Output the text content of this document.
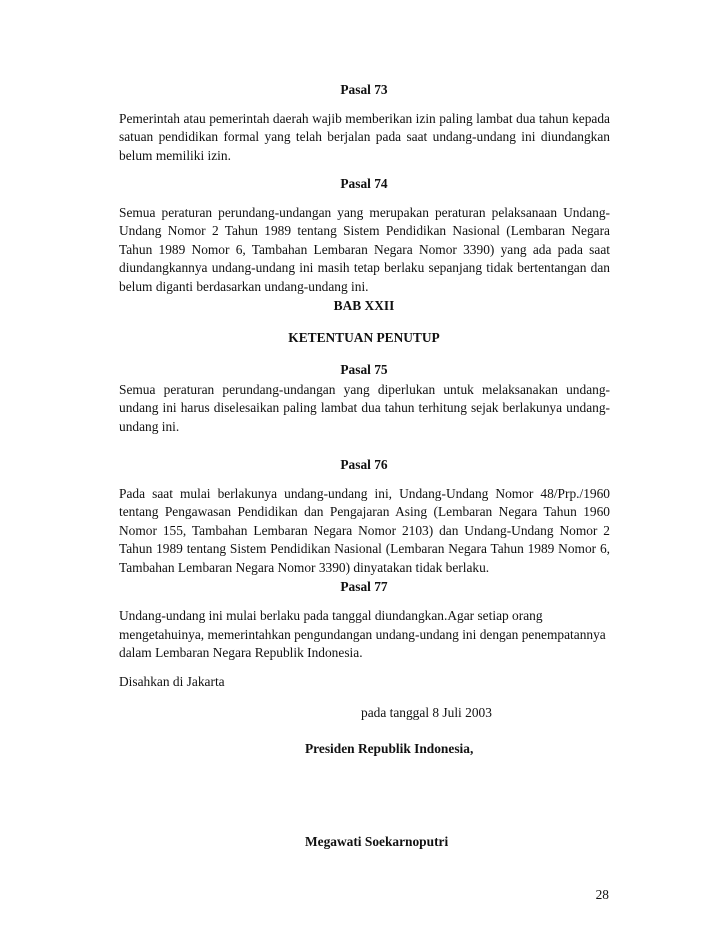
Pasal 73
Pemerintah atau pemerintah daerah wajib memberikan izin paling lambat dua tahun kepada satuan pendidikan formal yang telah berjalan pada saat undang-undang ini diundangkan belum memiliki izin.
Pasal 74
Semua peraturan perundang-undangan yang merupakan peraturan pelaksanaan Undang-Undang Nomor 2 Tahun 1989 tentang Sistem Pendidikan Nasional (Lembaran Negara Tahun 1989 Nomor 6, Tambahan Lembaran Negara Nomor 3390) yang ada pada saat diundangkannya undang-undang ini masih tetap berlaku sepanjang tidak bertentangan dan belum diganti berdasarkan undang-undang ini.
BAB XXII
KETENTUAN PENUTUP
Pasal 75
Semua peraturan perundang-undangan yang diperlukan untuk melaksanakan undang-undang ini harus diselesaikan paling lambat dua tahun terhitung sejak berlakunya undang-undang ini.
Pasal 76
Pada saat mulai berlakunya undang-undang ini, Undang-Undang Nomor 48/Prp./1960 tentang Pengawasan Pendidikan dan Pengajaran Asing (Lembaran Negara Tahun 1960 Nomor 155, Tambahan Lembaran Negara Nomor 2103) dan Undang-Undang Nomor 2 Tahun 1989 tentang Sistem Pendidikan Nasional (Lembaran Negara Tahun 1989 Nomor 6, Tambahan Lembaran Negara Nomor 3390) dinyatakan tidak berlaku.
Pasal 77
Undang-undang ini mulai berlaku pada tanggal diundangkan.Agar setiap orang
mengetahuinya, memerintahkan pengundangan undang-undang ini dengan penempatannya
dalam Lembaran Negara Republik Indonesia.
Disahkan di Jakarta
pada tanggal 8 Juli 2003
Presiden Republik Indonesia,
Megawati Soekarnoputri
28
